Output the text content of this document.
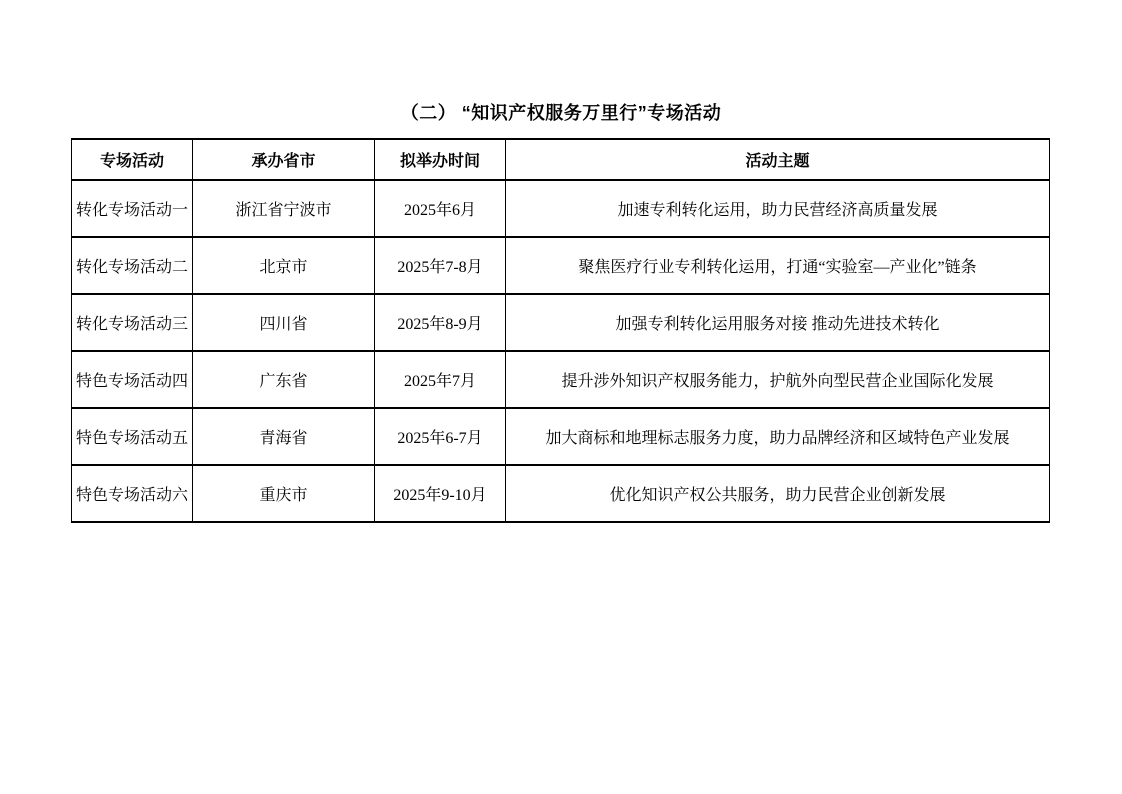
（二） “知识产权服务万里行”专场活动
专场活动	承办省市	拟举办时间	活动主题
转化专场活动一	浙江省宁波市	2025年6月	加速专利转化运用，助力民营经济高质量发展
转化专场活动二	北京市	2025年7-8月	聚焦医疗行业专利转化运用，打通“实验室—产业化”链条
转化专场活动三	四川省	2025年8-9月	加强专利转化运用服务对接 推动先进技术转化
特色专场活动四	广东省	2025年7月	提升涉外知识产权服务能力，护航外向型民营企业国际化发展
特色专场活动五	青海省	2025年6-7月	加大商标和地理标志服务力度，助力品牌经济和区域特色产业发展
特色专场活动六	重庆市	2025年9-10月	优化知识产权公共服务，助力民营企业创新发展
